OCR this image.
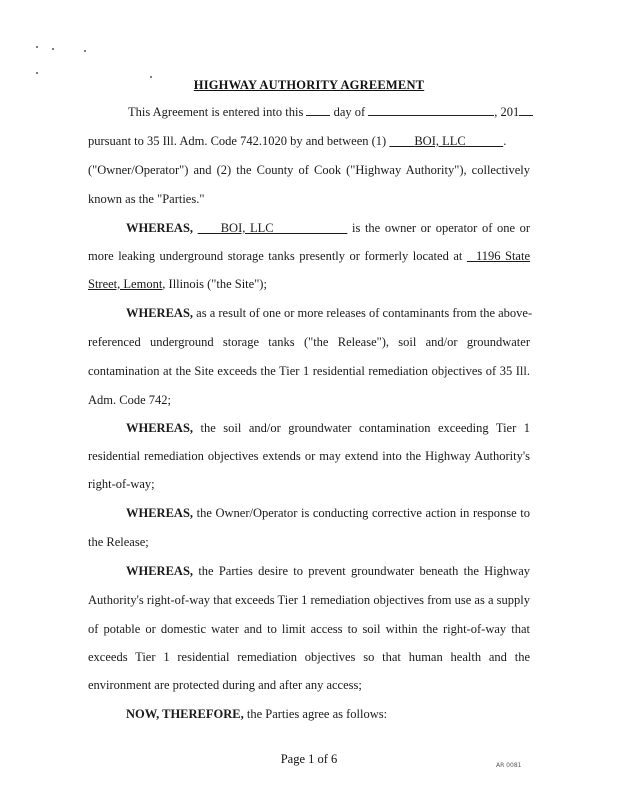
HIGHWAY AUTHORITY AGREEMENT
This Agreement is entered into this day of	, 201
pursuant to 35 Ill. Adm. Code 742.1020 by and between (1) BOI, LLC	.
("Owner/Operator") and (2) the County of Cook ("Highway Authority"), collectively
known as the "Parties."
WHEREAS, BOI, LLC	is the owner or operator of one or
more leaking underground storage tanks presently or formerly located at 1196 State
Street, Lemont, Illinois ("the Site");
WHEREAS, as a result of one or more releases of contaminants from the above-
referenced underground storage tanks ("the Release"), soil and/or groundwater
contamination at the Site exceeds the Tier 1 residential remediation objectives of 35 Ill.
Adm. Code 742;
WHEREAS, the soil and/or groundwater contamination exceeding Tier 1
residential remediation objectives extends or may extend into the Highway Authority's
right-of-way;
WHEREAS, the Owner/Operator is conducting corrective action in response to
the Release;
WHEREAS, the Parties desire to prevent groundwater beneath the Highway
Authority's right-of-way that exceeds Tier 1 remediation objectives from use as a supply
of potable or domestic water and to limit access to soil within the right-of-way that
exceeds Tier 1 residential remediation objectives so that human health and the
environment are protected during and after any access;
NOW, THEREFORE, the Parties agree as follows:
Page 1 of 6	AR 0081
